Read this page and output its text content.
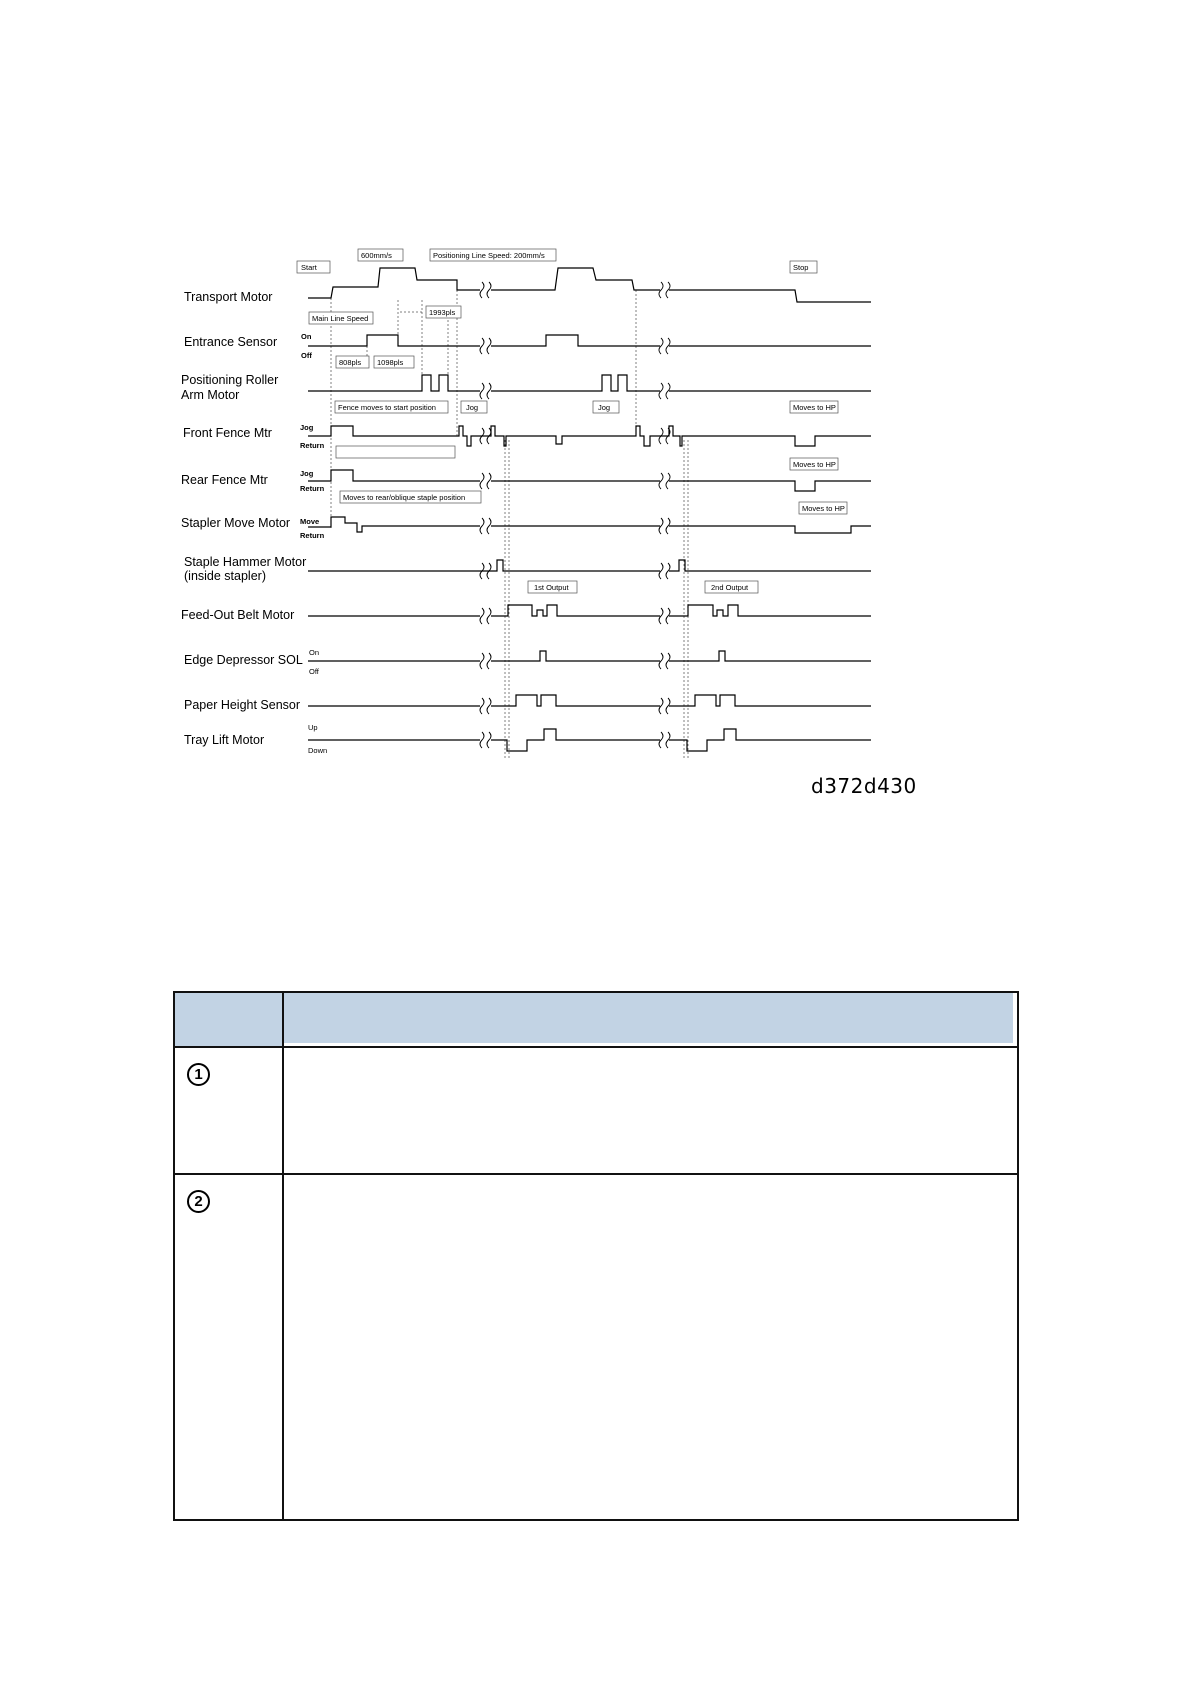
Transport Motor
Entrance Sensor
Positioning Roller
Arm Motor
Front Fence Mtr
Rear Fence Mtr
Stapler Move Motor
Staple Hammer Motor
(inside stapler)
Feed-Out Belt Motor
Edge Depressor SOL
Paper Height Sensor
Tray Lift Motor
On
Off
Jog
Return
Jog
Return
Move
Return
On
Off
Up
Down
Start
600mm/s	Positioning Line Speed: 200mm/s
Stop
Main Line Speed
1993pls
808pls 1098pls
Fence moves to start position	Jog	Jog	Moves to HP
Moves to HP
Moves to rear/oblique staple position
Moves to HP
1st Output	2nd Output
d372d430

1	
2	
